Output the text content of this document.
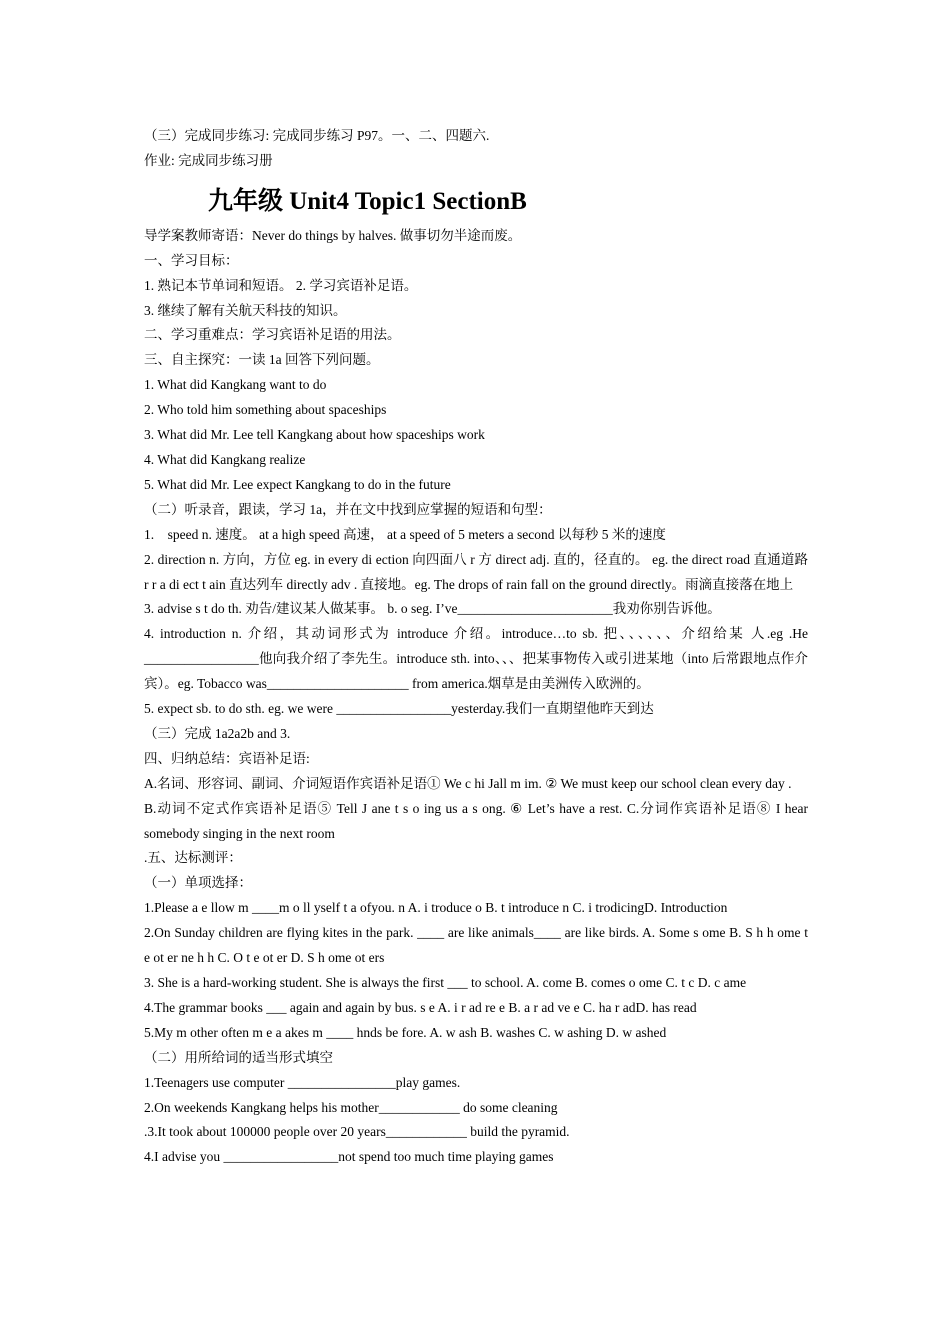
（三）完成同步练习: 完成同步练习 P97。一、二、四题六.
作业: 完成同步练习册
九年级 Unit4 Topic1 SectionB
导学案教师寄语：Never do things by halves. 做事切勿半途而废。
一、学习目标：
1. 熟记本节单词和短语。 2. 学习宾语补足语。
3. 继续了解有关航天科技的知识。
二、学习重难点：学习宾语补足语的用法。
三、自主探究：一读 1a 回答下列问题。
1. What did Kangkang want to do
2. Who told him something about spaceships
3. What did Mr. Lee tell Kangkang about how spaceships work
4. What did Kangkang realize
5. What did Mr. Lee expect Kangkang to do in the future
（二）听录音，跟读，学习 1a，并在文中找到应掌握的短语和句型：
1.　speed n. 速度。 at a high speed 高速， at a speed of 5 meters a second 以每秒 5 米的速度
2. direction n. 方向，方位 eg. in every di ection 向四面八 r 方 direct adj. 直的，径直的。 eg. the direct road 直通道路 r r a di ect t ain 直达列车 directly adv . 直接地。eg. The drops of rain fall on the ground directly。雨滴直接落在地上
3. advise s t do th. 劝告/建议某人做某事。 b. o seg. I’ve_______________________我劝你别告诉他。
4. introduction n. 介绍，其动词形式为 introduce 介绍。introduce…to sb. 把、、、、、、介绍给某 人.eg .He _________________他向我介绍了李先生。introduce sth. into、、、把某事物传入或引进某地（into 后常跟地点作介宾）。eg. Tobacco was_____________________ from america.烟草是由美洲传入欧洲的。
5. expect sb. to do sth. eg. we were _________________yesterday.我们一直期望他昨天到达
（三）完成 1a2a2b and 3.
四、归纳总结：宾语补足语:
A.名词、形容词、副词、介词短语作宾语补足语① We c hi Jall m im. ② We must keep our school clean every day .
B.动词不定式作宾语补足语⑤ Tell J ane t s o ing us a s ong. ⑥ Let’s have a rest. C.分词作宾语补足语⑧ I hear somebody singing in the next room
.五、达标测评：
（一）单项选择：
1.Please a e llow m ____m o ll yself t a ofyou. n A. i troduce o B. t introduce n C. i trodicingD. Introduction
2.On Sunday children are flying kites in the park. ____ are like animals____ are like birds. A. Some s ome B. S h h ome t e ot er ne h h C. O t e ot er D. S h ome ot ers
3. She is a hard-working student. She is always the first ___ to school. A. come B. comes o ome C. t c D. c ame
4.The grammar books ___ again and again by bus. s e A. i r ad re e B. a r ad ve e C. ha r adD. has read
5.My m other often m e a akes m ____ hnds be fore. A. w ash B. washes C. w ashing D. w ashed
（二）用所给词的适当形式填空
1.Teenagers use computer ________________play games.
2.On weekends Kangkang helps his mother____________ do some cleaning
.3.It took about 100000 people over 20 years____________ build the pyramid.
4.I advise you _________________not spend too much time playing games
